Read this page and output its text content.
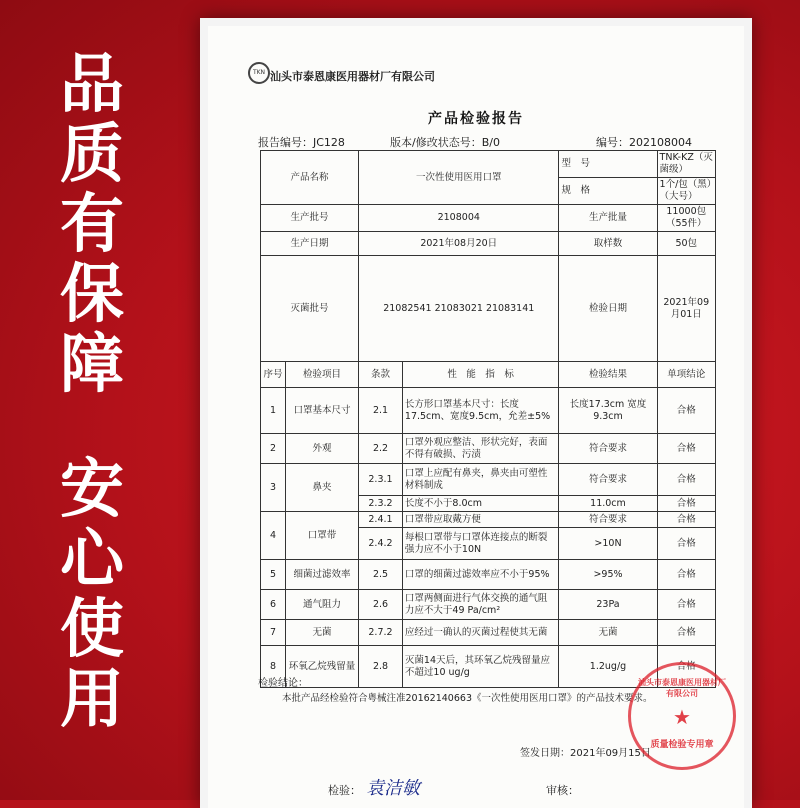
品
质
有
保
障
安
心
使
用
TKN 汕头市泰恩康医用器材厂有限公司
产品检验报告
报告编号：JC128	版本/修改状态号：B/0	编号：202108004
产品名称		一次性使用医用口罩		型　号	TNK-KZ（灭菌级）
				规　格	1个/包（黑）（大号）
生产批号		2108004		生产批量	11000包（55件）
生产日期		2021年08月20日		取样数	50包
灭菌批号		21082541 21083021 21083141		检验日期	2021年09月01日
序号	检验项目	条款	性　能　指　标	检验结果	单项结论
1	口罩基本尺寸	2.1	长方形口罩基本尺寸：长度17.5cm、宽度9.5cm，允差±5%	长度17.3cm 宽度9.3cm	合格
2	外观	2.2	口罩外观应整洁、形状完好，表面不得有破损、污渍	符合要求	合格
3	鼻夹	2.3.1	口罩上应配有鼻夹，鼻夹由可塑性材料制成	符合要求	合格
		2.3.2	长度不小于8.0cm	11.0cm	合格
4	口罩带	2.4.1	口罩带应取戴方便	符合要求	合格
		2.4.2	每根口罩带与口罩体连接点的断裂强力应不小于10N	>10N	合格
5	细菌过滤效率	2.5	口罩的细菌过滤效率应不小于95%	>95%	合格
6	通气阻力	2.6	口罩两侧面进行气体交换的通气阻力应不大于49 Pa/cm²	23Pa	合格
7	无菌	2.7.2	应经过一确认的灭菌过程使其无菌	无菌	合格
8	环氧乙烷残留量	2.8	灭菌14天后，其环氧乙烷残留量应不超过10 ug/g	1.2ug/g	合格
检验结论：
本批产品经检验符合粤械注准20162140663《一次性使用医用口罩》的产品技术要求。
签发日期：2021年09月15日
检验： 袁洁敏	审核：
汕头市泰恩康医用器材厂有限公司
★
质量检验专用章
